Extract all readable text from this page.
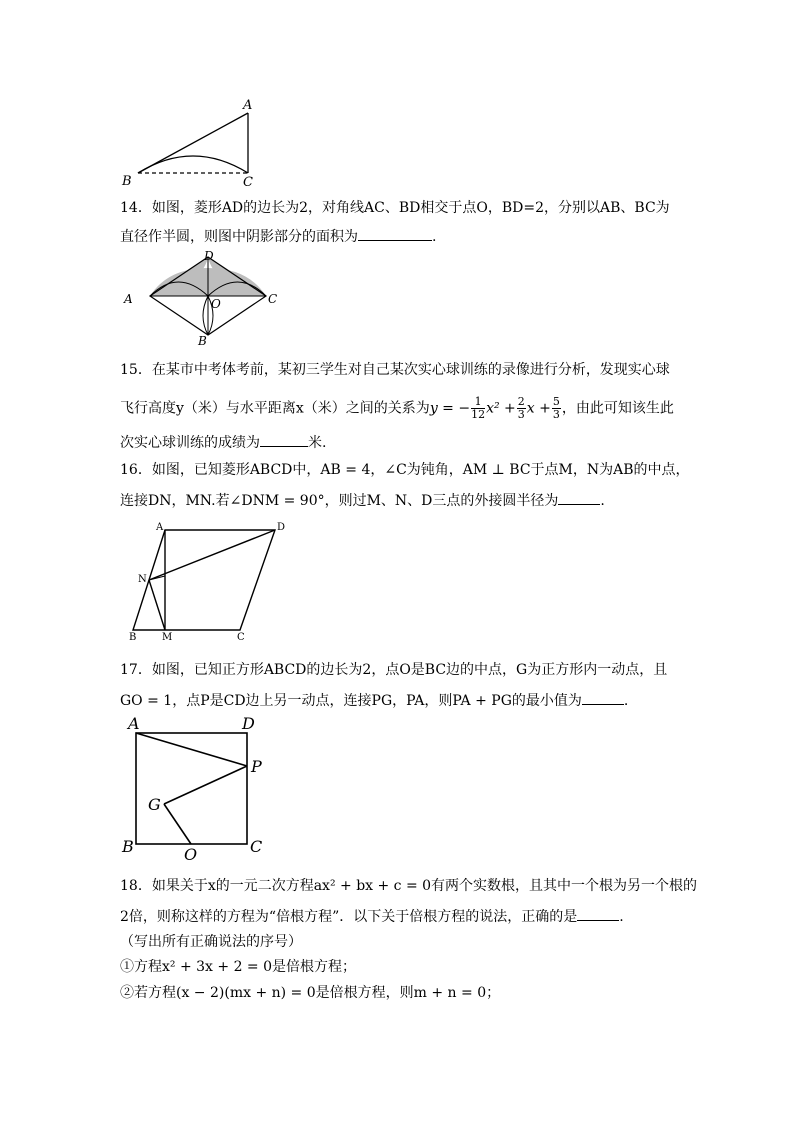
A
B	C
14．如图，菱形AD的边长为2，对角线AC、BD相交于点O，BD=2，分别以AB、BC为
直径作半圆，则图中阴影部分的面积为	.
D
A	C
O
B
15．在某市中考体考前，某初三学生对自己某次实心球训练的录像进行分析，发现实心球
飞行高度y（米）与水平距离x（米）之间的关系为y = − $\frac{1}{12} x^2 + \frac{2}{3}$ $x + \frac{5}{3}$ ，由此可知该生此
次实心球训练的成绩为	米.
16．如图，已知菱形ABCD中，AB = 4，∠C为钝角，AM ⊥ BC于点M，N为AB的中点，
连接DN，MN.若∠DNM = 90°，则过M、N、D三点的外接圆半径为	.
A	D
N
B	M	C
17．如图，已知正方形ABCD的边长为2，点O是BC边的中点，G为正方形内一动点，且
GO = 1，点P是CD边上另一动点，连接PG，PA，则PA + PG的最小值为	.
A	D
P
G
B	O	C
18．如果关于x的一元二次方程ax² + bx + c = 0有两个实数根，且其中一个根为另一个根的
2倍，则称这样的方程为“倍根方程”．以下关于倍根方程的说法，正确的是	.
（写出所有正确说法的序号）
①方程x² + 3x + 2 = 0是倍根方程；
②若方程(x − 2)(mx + n) = 0是倍根方程，则m + n = 0；
